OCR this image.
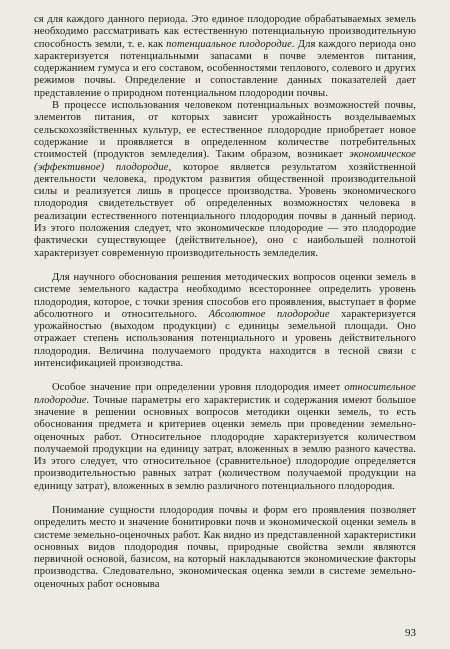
ся для каждого данного периода. Это единое плодородие обрабатываемых земель необходимо рассматривать как естественную потенциальную производительную способность земли, т. е. как потенциальное плодородие. Для каждого периода оно характеризуется потенциальными запасами в почве элементов питания, содержанием гумуса и его составом, особенностями теплового, солевого и других режимов почвы. Определение и сопоставление данных показателей дает представление о природном потенциальном плодородии почвы.

В процессе использования человеком потенциальных возможностей почвы, элементов питания, от которых зависит урожайность возделываемых сельскохозяйственных культур, ее естественное плодородие приобретает новое содержание и проявляется в определенном количестве потребительных стоимостей (продуктов земледелия). Таким образом, возникает экономическое (эффективное) плодородие, которое является результатом хозяйственной деятельности человека, продуктом развития общественной производительной силы и реализуется лишь в процессе производства. Уровень экономического плодородия свидетельствует об определенных возможностях человека в реализации естественного потенциального плодородия почвы в данный период. Из этого положения следует, что экономическое плодородие — это плодородие фактически существующее (действительное), оно с наибольшей полнотой характеризует современную производительность земледелия.

Для научного обоснования решения методических вопросов оценки земель в системе земельного кадастра необходимо всестороннее определить уровень плодородия, которое, с точки зрения способов его проявления, выступает в форме абсолютного и относительного. Абсолютное плодородие характеризуется урожайностью (выходом продукции) с единицы земельной площади. Оно отражает степень использования потенциального и уровень действительного плодородия. Величина получаемого продукта находится в тесной связи с интенсификацией производства.

Особое значение при определении уровня плодородия имеет относительное плодородие. Точные параметры его характеристик и содержания имеют большое значение в решении основных вопросов методики оценки земель, то есть обоснования предмета и критериев оценки земель при проведении земельно-оценочных работ. Относительное плодородие характеризуется количеством получаемой продукции на единицу затрат, вложенных в землю разного качества. Из этого следует, что относительное (сравнительное) плодородие определяется производительностью равных затрат (количеством получаемой продукции на единицу затрат), вложенных в землю различного потенциального плодородия.

Понимание сущности плодородия почвы и форм его проявления позволяет определить место и значение бонитировки почв и экономической оценки земель в системе земельно-оценочных работ. Как видно из представленной характеристики основных видов плодородия почвы, природные свойства земли являются первичной основой, базисом, на который накладываются экономические факторы производства. Следовательно, экономическая оценка земли в системе земельно-оценочных работ основыва

93
